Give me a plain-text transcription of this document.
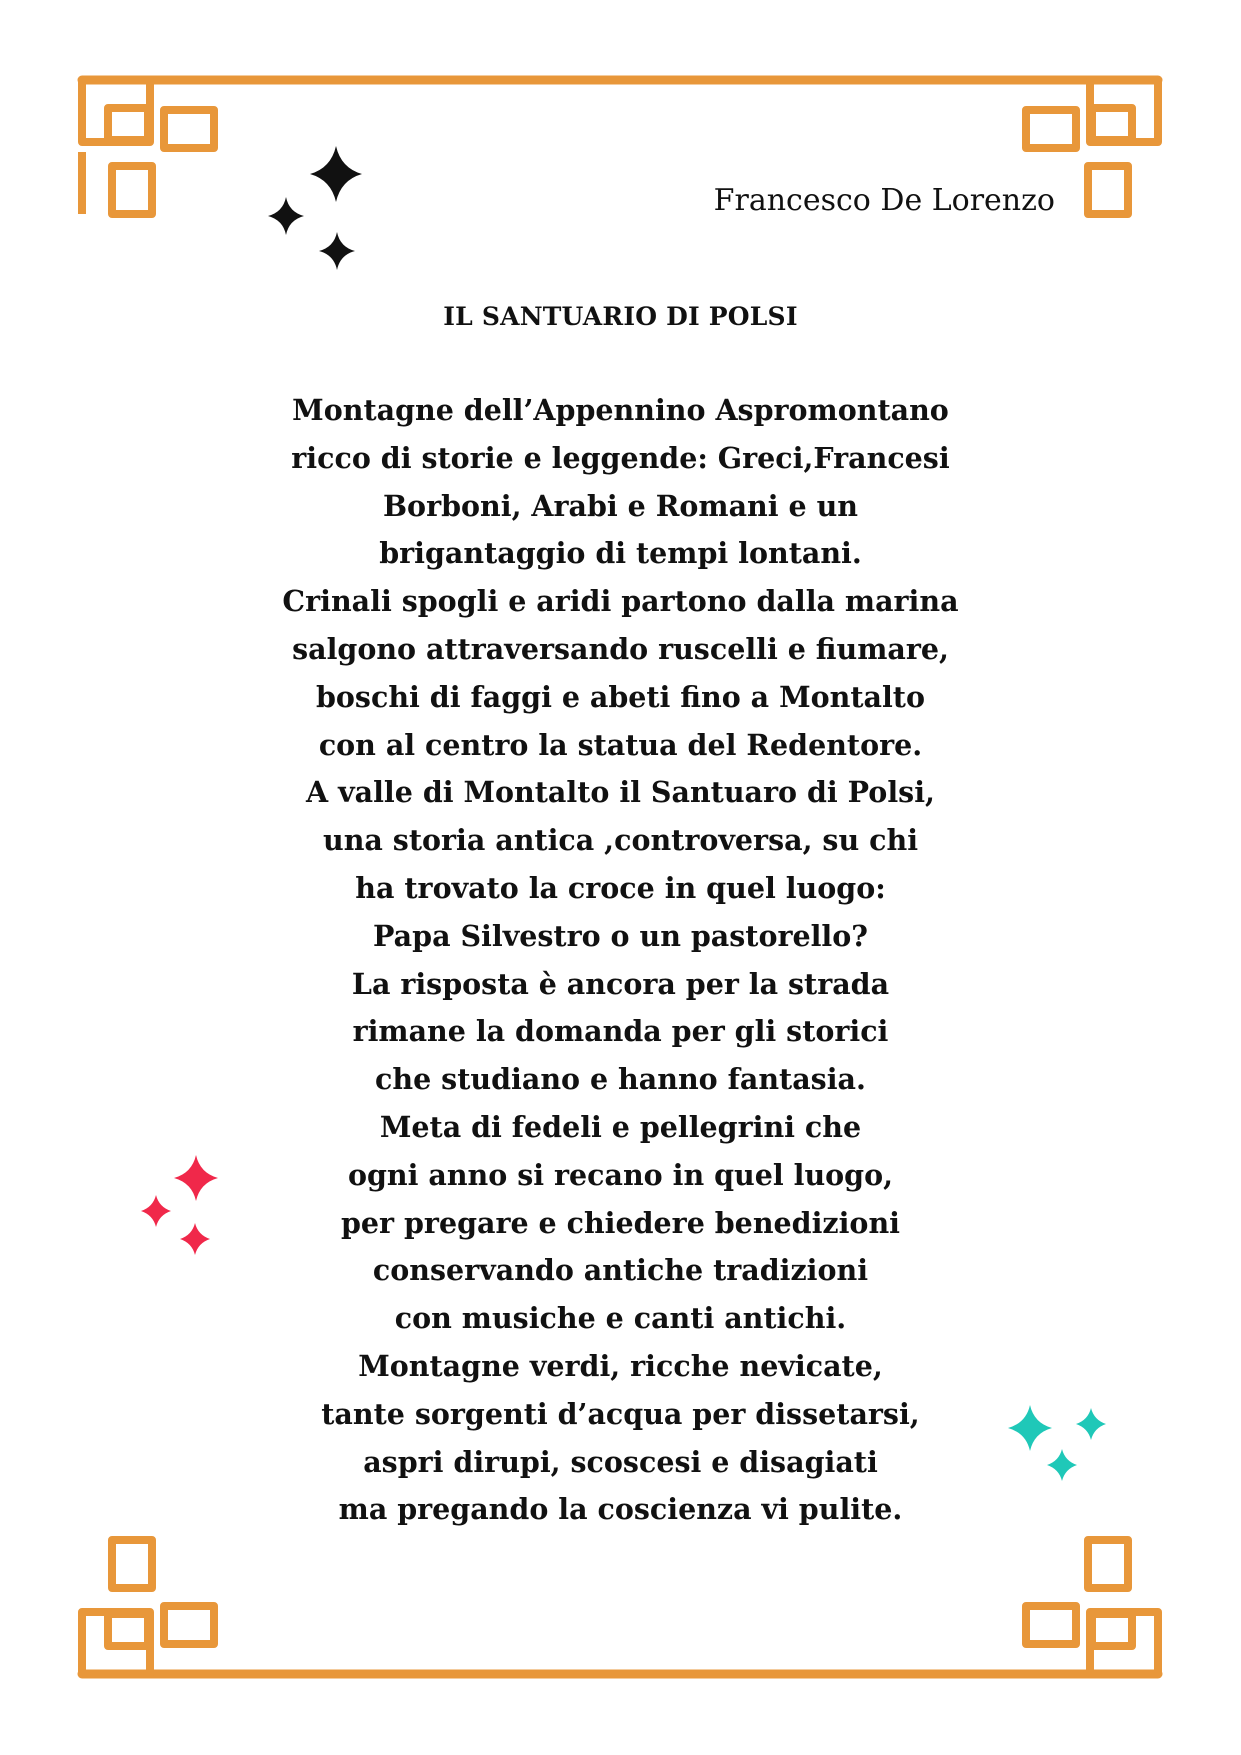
Francesco De Lorenzo
IL SANTUARIO DI POLSI
Montagne dell’Appennino Aspromontano
ricco di storie e leggende: Greci,Francesi
Borboni, Arabi e Romani e un
brigantaggio di tempi lontani.
Crinali spogli e aridi partono dalla marina
salgono attraversando ruscelli e fiumare,
boschi di faggi e abeti fino a Montalto
con al centro la statua del Redentore.
A valle di Montalto il Santuaro di Polsi,
una storia antica ,controversa, su chi
ha trovato la croce in quel luogo:
Papa Silvestro o un pastorello?
La risposta è ancora per la strada
rimane la domanda per gli storici
che studiano e hanno fantasia.
Meta di fedeli e pellegrini che
ogni anno si recano in quel luogo,
per pregare e chiedere benedizioni
conservando antiche tradizioni
con musiche e canti antichi.
Montagne verdi, ricche nevicate,
tante sorgenti d’acqua per dissetarsi,
aspri dirupi, scoscesi e disagiati
ma pregando la coscienza vi pulite.
